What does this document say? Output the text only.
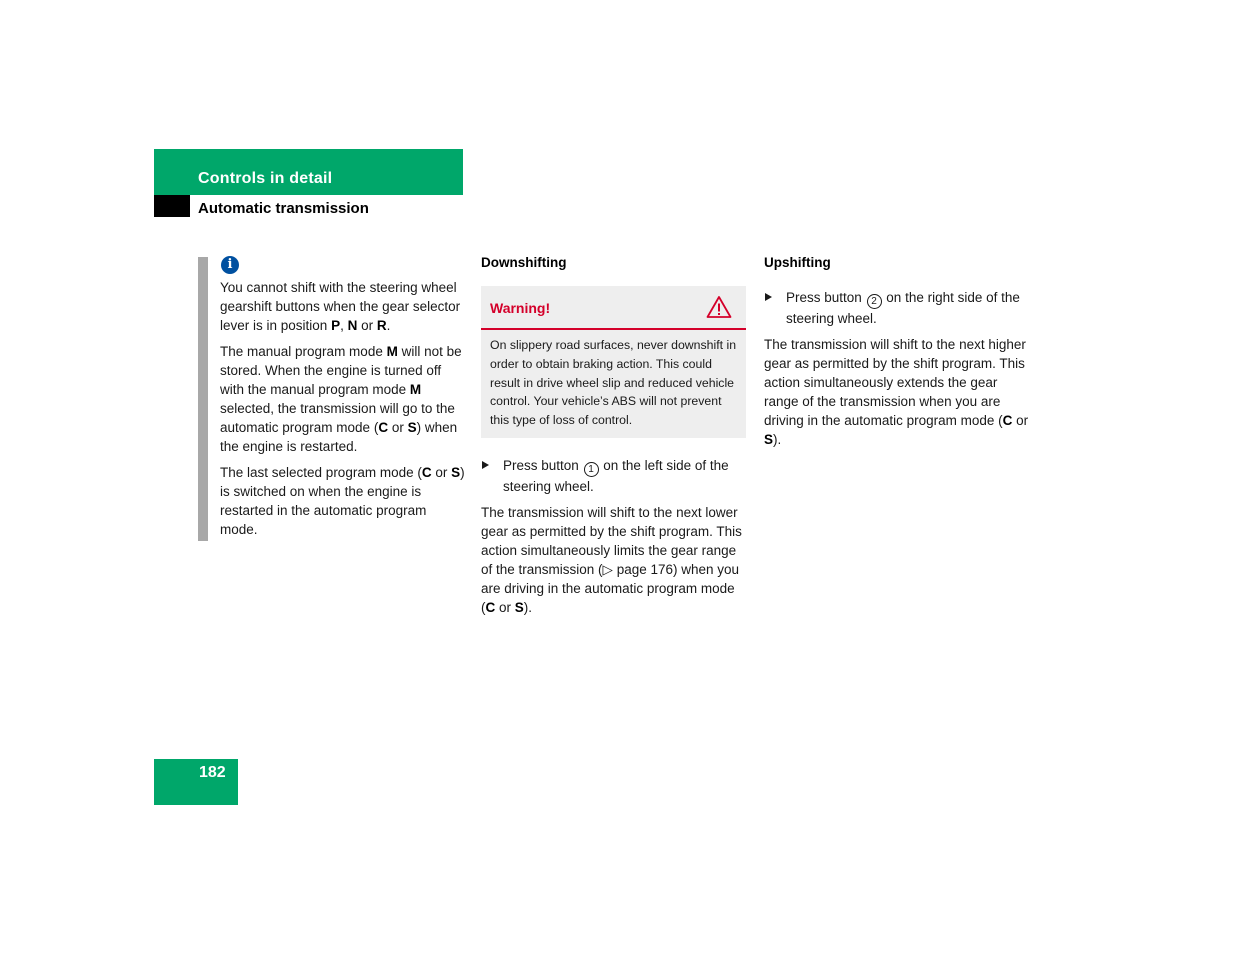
Controls in detail
Automatic transmission
i

You cannot shift with the steering wheel gearshift buttons when the gear selector lever is in position P, N or R.

The manual program mode M will not be stored. When the engine is turned off with the manual program mode M selected, the transmission will go to the automatic program mode (C or S) when the engine is restarted.

The last selected program mode (C or S) is switched on when the engine is restarted in the automatic program mode.

Downshifting
Warning!
On slippery road surfaces, never downshift in order to obtain braking action. This could result in drive wheel slip and reduced vehicle control. Your vehicle’s ABS will not prevent this type of loss of control.
Press button 1 on the left side of the steering wheel.

The transmission will shift to the next lower gear as permitted by the shift program. This action simultaneously limits the gear range of the transmission (▷ page 176) when you are driving in the automatic program mode (C or S).

Upshifting
Press button 2 on the right side of the steering wheel.

The transmission will shift to the next higher gear as permitted by the shift program. This action simultaneously extends the gear range of the transmission when you are driving in the automatic program mode (C or S).

182
